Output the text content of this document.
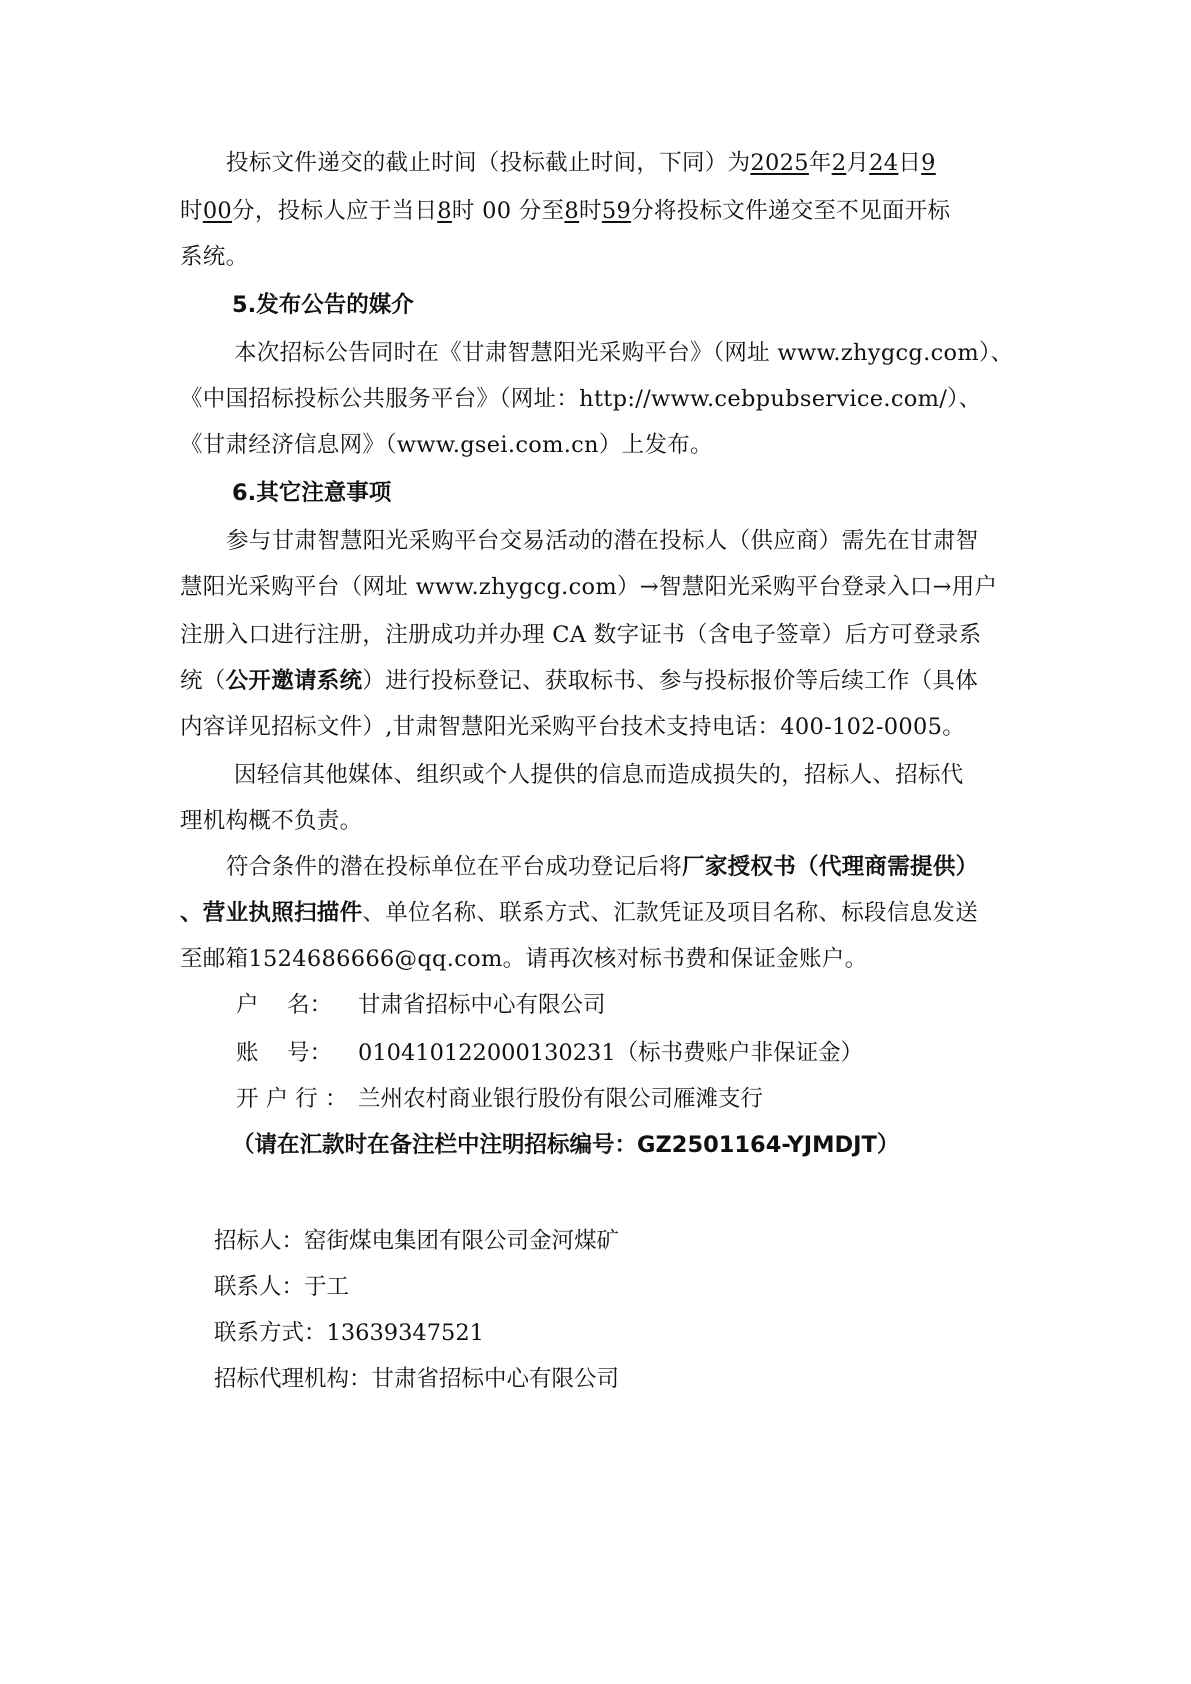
投标文件递交的截止时间（投标截止时间，下同）为2025年2月24日9
时00分，投标人应于当日8时 00 分至8时59分将投标文件递交至不见面开标
系统。
5.发布公告的媒介
本次招标公告同时在《甘肃智慧阳光采购平台》（网址 www.zhygcg.com）、
《中国招标投标公共服务平台》（网址：http://www.cebpubservice.com/）、
《甘肃经济信息网》（www.gsei.com.cn）上发布。
6.其它注意事项
参与甘肃智慧阳光采购平台交易活动的潜在投标人（供应商）需先在甘肃智
慧阳光采购平台（网址 www.zhygcg.com）→智慧阳光采购平台登录入口→用户
注册入口进行注册，注册成功并办理 CA 数字证书（含电子签章）后方可登录系
统（公开邀请系统）进行投标登记、获取标书、参与投标报价等后续工作（具体
内容详见招标文件）,甘肃智慧阳光采购平台技术支持电话：400-102-0005。
因轻信其他媒体、组织或个人提供的信息而造成损失的，招标人、招标代
理机构概不负责。
符合条件的潜在投标单位在平台成功登记后将厂家授权书（代理商需提供）
、营业执照扫描件、单位名称、联系方式、汇款凭证及项目名称、标段信息发送
至邮箱1524686666@qq.com。请再次核对标书费和保证金账户。
户    名： 甘肃省招标中心有限公司
账    号： 010410122000130231（标书费账户非保证金）
开 户 行 ： 兰州农村商业银行股份有限公司雁滩支行
（请在汇款时在备注栏中注明招标编号：GZ2501164-YJMDJT）
招标人：窑街煤电集团有限公司金河煤矿
联系人：于工
联系方式：13639347521
招标代理机构：甘肃省招标中心有限公司
